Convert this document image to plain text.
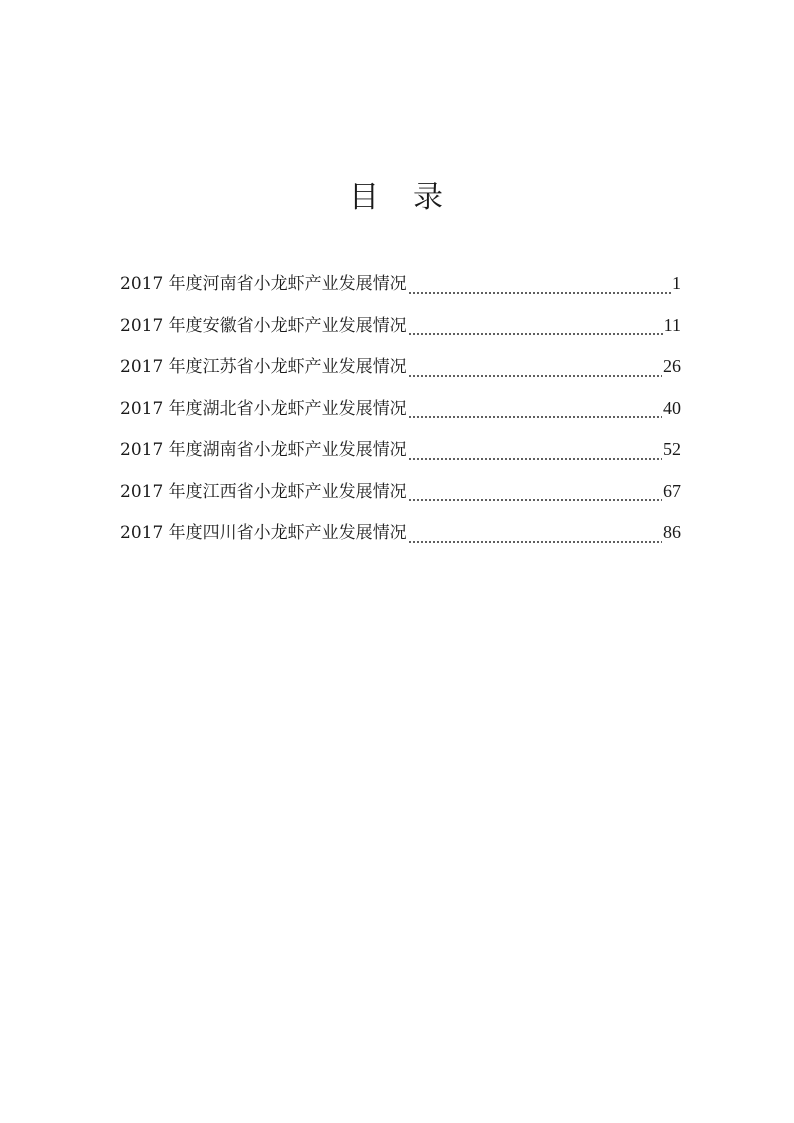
目　录
2017 年度河南省小龙虾产业发展情况	1
2017 年度安徽省小龙虾产业发展情况	11
2017 年度江苏省小龙虾产业发展情况	26
2017 年度湖北省小龙虾产业发展情况	40
2017 年度湖南省小龙虾产业发展情况	52
2017 年度江西省小龙虾产业发展情况	67
2017 年度四川省小龙虾产业发展情况	86
